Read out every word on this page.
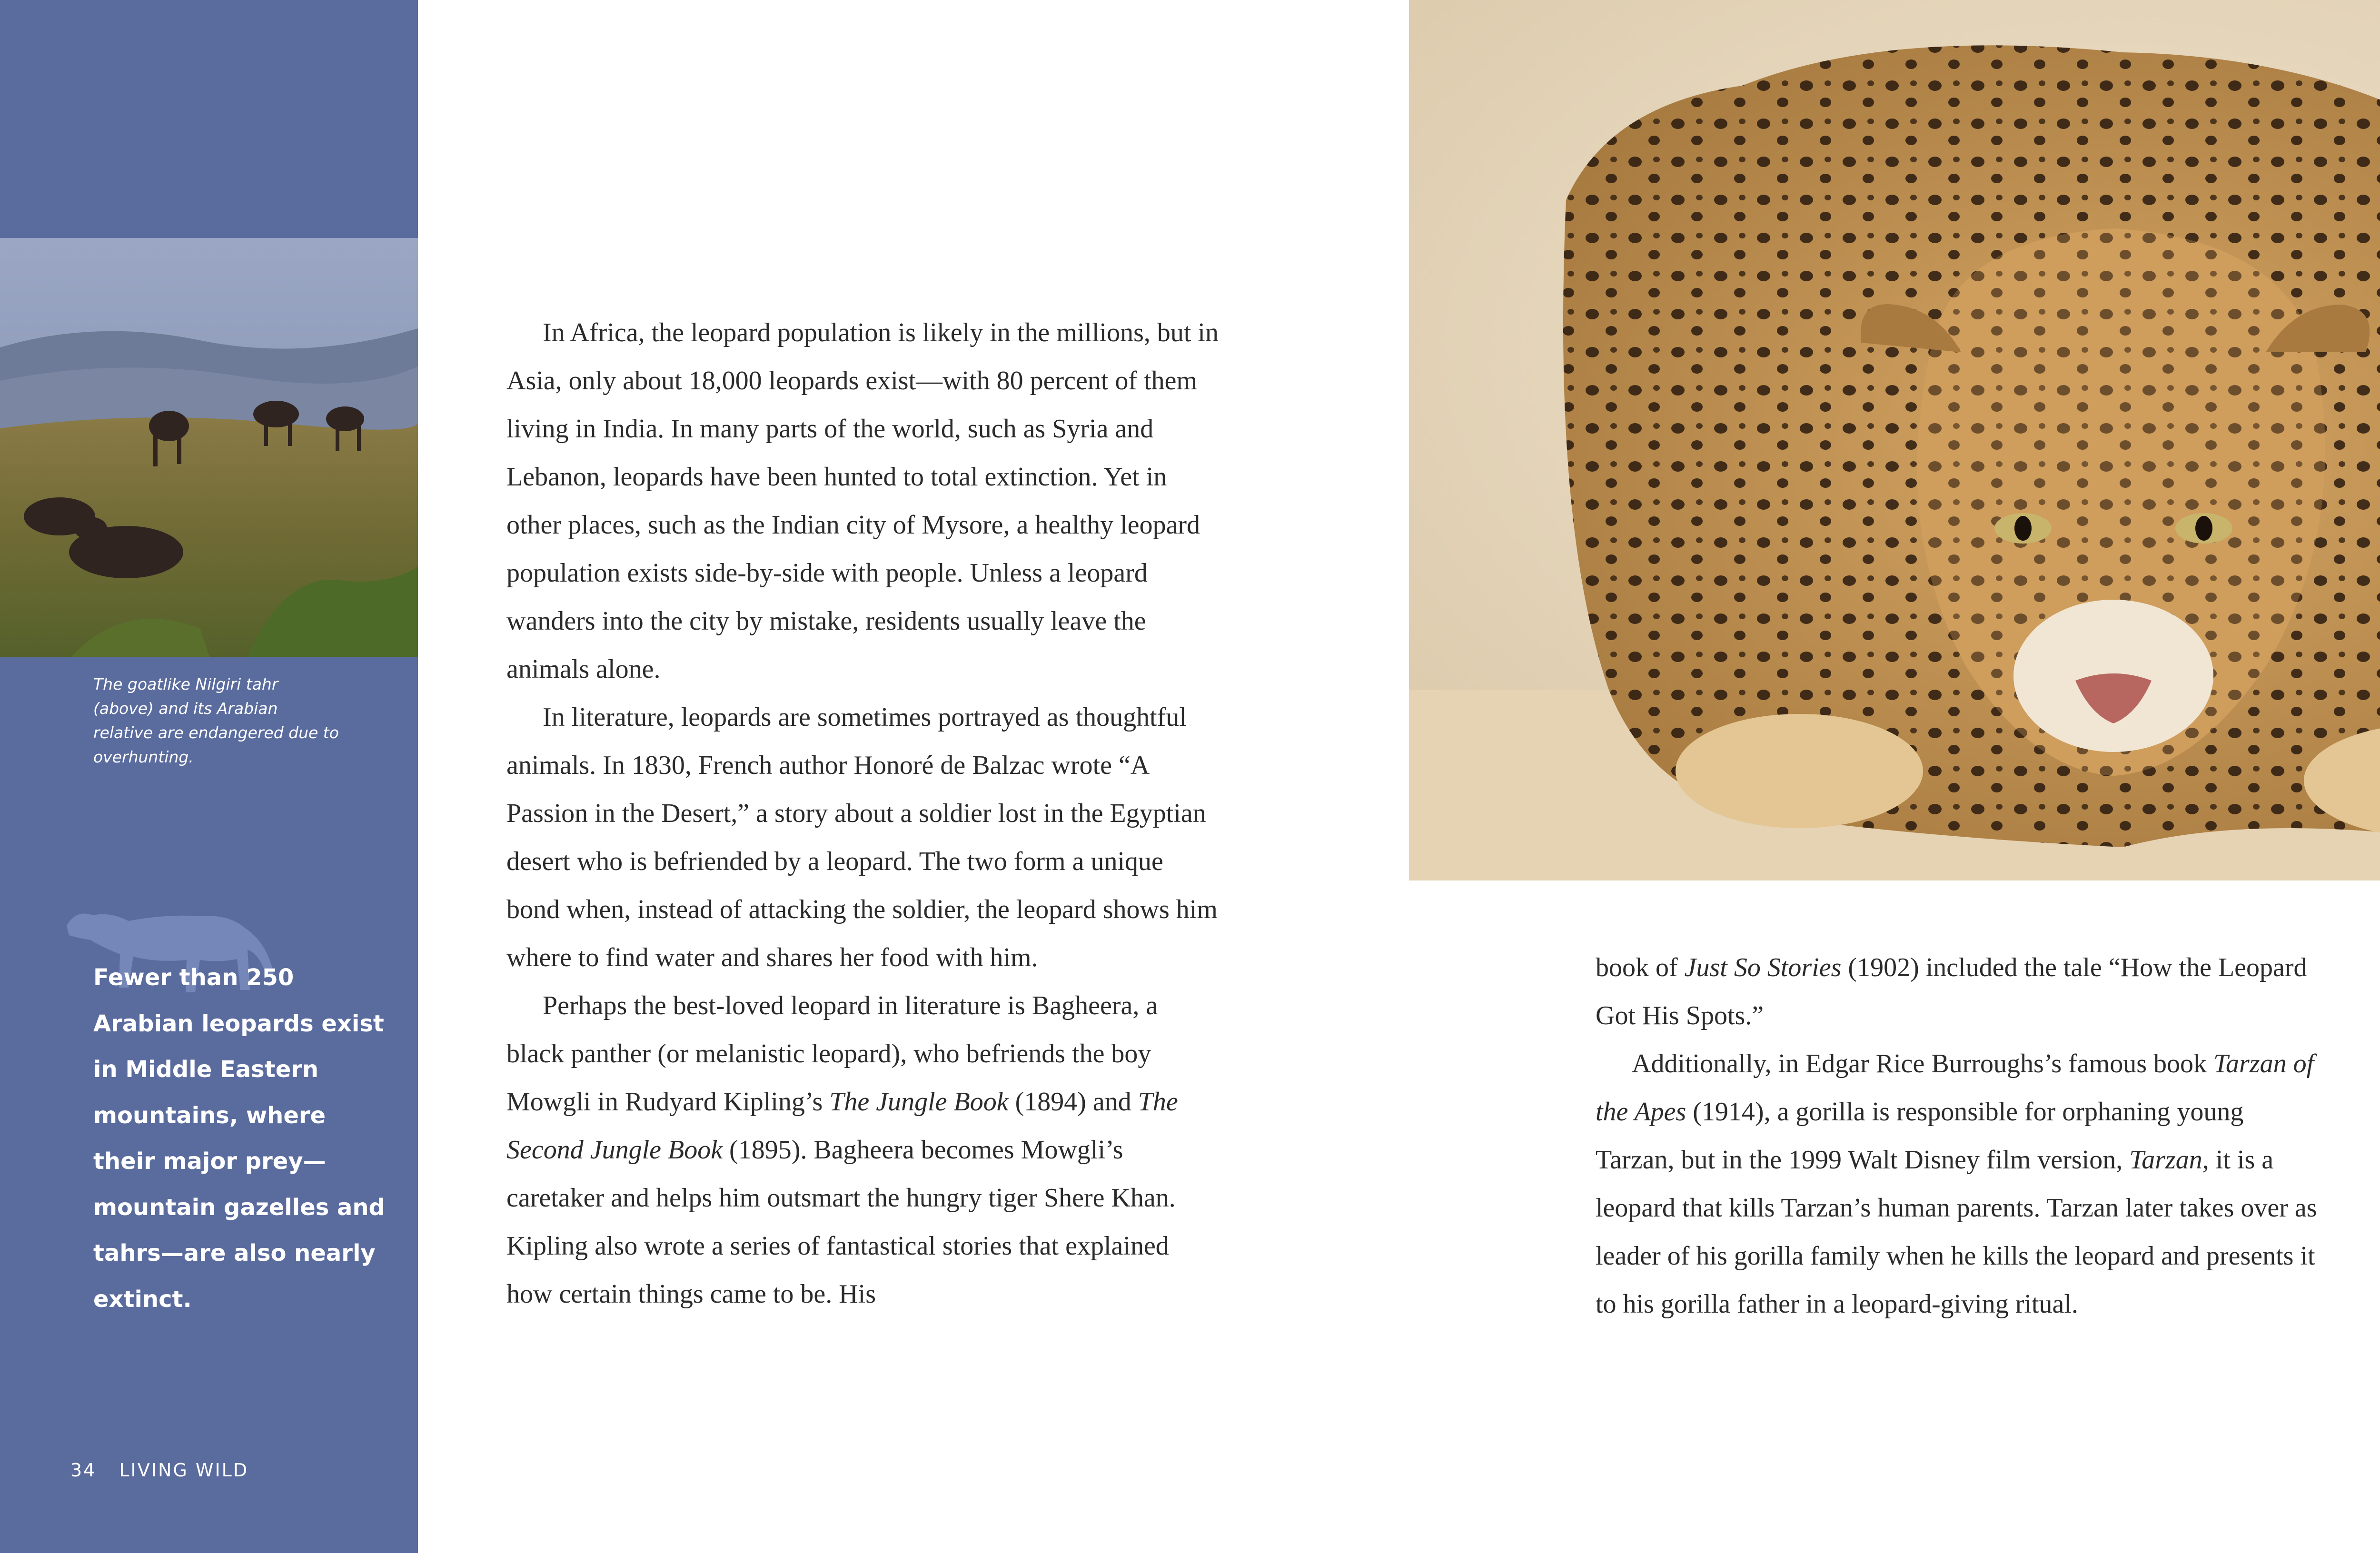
The goatlike Nilgiri tahr (above) and its Arabian relative are endangered due to overhunting.
Fewer than 250 Arabian leopards exist in Middle Eastern mountains, where their major prey—mountain gazelles and tahrs—are also nearly extinct.
34 LIVING WILD

In Africa, the leopard population is likely in the millions, but in Asia, only about 18,000 leopards exist—with 80 percent of them living in India. In many parts of the world, such as Syria and Lebanon, leopards have been hunted to total extinction. Yet in other places, such as the Indian city of Mysore, a healthy leopard population exists side-by-side with people. Unless a leopard wanders into the city by mistake, residents usually leave the animals alone.

In literature, leopards are sometimes portrayed as thoughtful animals. In 1830, French author Honoré de Balzac wrote “A Passion in the Desert,” a story about a soldier lost in the Egyptian desert who is befriended by a leopard. The two form a unique bond when, instead of attacking the soldier, the leopard shows him where to find water and shares her food with him.

Perhaps the best-loved leopard in literature is Bagheera, a black panther (or melanistic leopard), who befriends the boy Mowgli in Rudyard Kipling’s The Jungle Book (1894) and The Second Jungle Book (1895). Bagheera becomes Mowgli’s caretaker and helps him outsmart the hungry tiger Shere Khan. Kipling also wrote a series of fantastical stories that explained how certain things came to be. His

book of Just So Stories (1902) included the tale “How the Leopard Got His Spots.”

Additionally, in Edgar Rice Burroughs’s famous book Tarzan of the Apes (1914), a gorilla is responsible for orphaning young Tarzan, but in the 1999 Walt Disney film version, Tarzan, it is a leopard that kills Tarzan’s human parents. Tarzan later takes over as leader of his gorilla family when he kills the leopard and presents it to his gorilla father in a leopard-giving ritual.
